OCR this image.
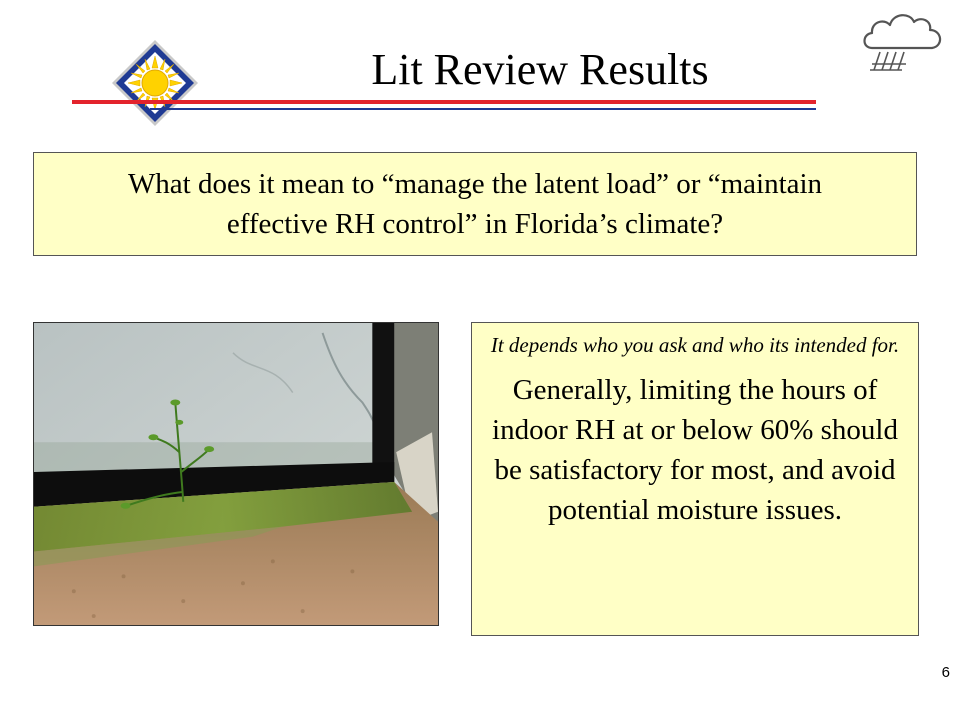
Lit Review Results
What does it mean to “manage the latent load” or “maintain effective RH control” in Florida’s climate?

It depends who you ask and who its intended for.

Generally, limiting the hours of indoor RH at or below 60% should be satisfactory for most, and avoid potential moisture issues.

6
